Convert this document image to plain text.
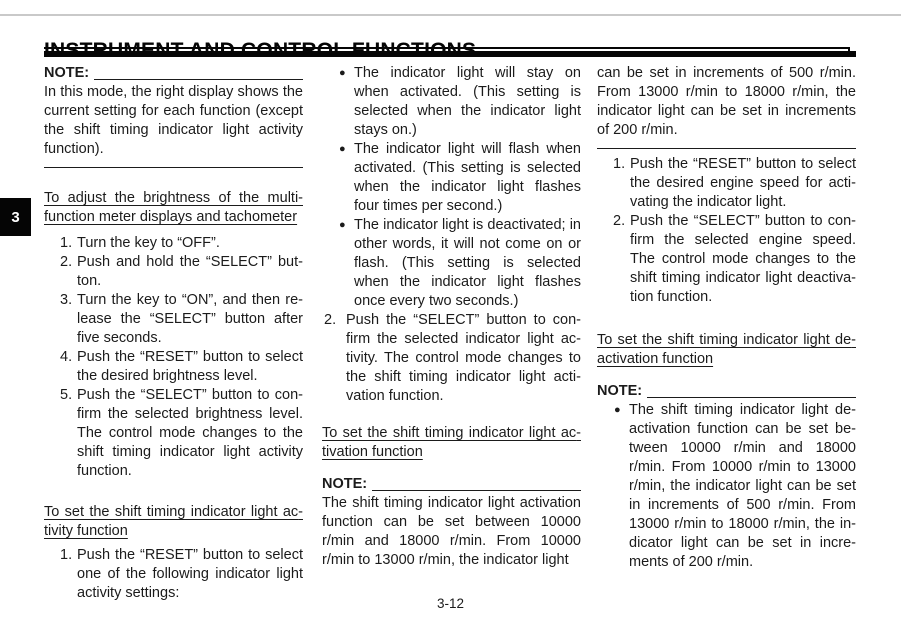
3
NOTE:
In this mode, the right display shows the current setting for each function (except the shift timing indicator light activity function).
To adjust the brightness of the multi-function meter displays and tachometer
1. Turn the key to “OFF”.
2. Push and hold the “SELECT” button.
3. Turn the key to “ON”, and then release the “SELECT” button after five seconds.
4. Push the “RESET” button to select the desired brightness level.
5. Push the “SELECT” button to confirm the selected brightness level. The control mode changes to the shift timing indicator light activity function.
To set the shift timing indicator light activity function
1. Push the “RESET” button to select one of the following indicator light activity settings:
● The indicator light will stay on when activated. (This setting is selected when the indicator light stays on.)
● The indicator light will flash when activated. (This setting is selected when the indicator light flashes four times per second.)
● The indicator light is deactivated; in other words, it will not come on or flash. (This setting is selected when the indicator light flashes once every two seconds.)
2. Push the “SELECT” button to confirm the selected indicator light activity. The control mode changes to the shift timing indicator light activation function.
To set the shift timing indicator light activation function
NOTE:
The shift timing indicator light activation function can be set between 10000 r/min and 18000 r/min. From 10000 r/min to 13000 r/min, the indicator light
can be set in increments of 500 r/min. From 13000 r/min to 18000 r/min, the indicator light can be set in increments of 200 r/min.
1. Push the “RESET” button to select the desired engine speed for activating the indicator light.
2. Push the “SELECT” button to confirm the selected engine speed. The control mode changes to the shift timing indicator light deactivation function.
To set the shift timing indicator light deactivation function
NOTE:
● The shift timing indicator light deactivation function can be set between 10000 r/min and 18000 r/min. From 10000 r/min to 13000 r/min, the indicator light can be set in increments of 500 r/min. From 13000 r/min to 18000 r/min, the indicator light can be set in increments of 200 r/min.
3-12
